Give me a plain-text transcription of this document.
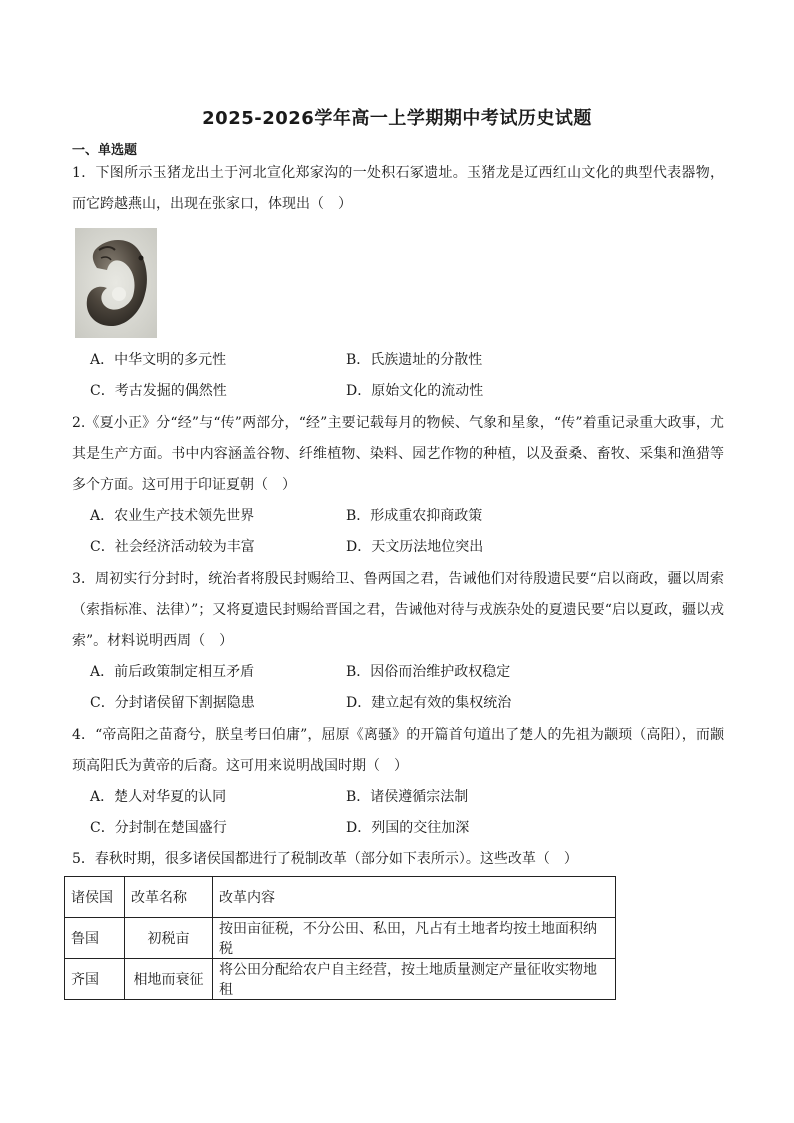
2025-2026学年高一上学期期中考试历史试题
一、单选题
1．下图所示玉猪龙出土于河北宣化郑家沟的一处积石冢遗址。玉猪龙是辽西红山文化的典型代表器物，而它跨越燕山，出现在张家口，体现出（　）
A．中华文明的多元性	B．氏族遗址的分散性
C．考古发掘的偶然性	D．原始文化的流动性
2.《夏小正》分“经”与“传”两部分，“经”主要记载每月的物候、气象和星象，“传”着重记录重大政事，尤其是生产方面。书中内容涵盖谷物、纤维植物、染料、园艺作物的种植，以及蚕桑、畜牧、采集和渔猎等多个方面。这可用于印证夏朝（　）
A．农业生产技术领先世界	B．形成重农抑商政策
C．社会经济活动较为丰富	D．天文历法地位突出
3．周初实行分封时，统治者将殷民封赐给卫、鲁两国之君，告诫他们对待殷遗民要“启以商政，疆以周索（索指标准、法律）”；又将夏遗民封赐给晋国之君，告诫他对待与戎族杂处的夏遗民要“启以夏政，疆以戎索”。材料说明西周（　）
A．前后政策制定相互矛盾	B．因俗而治维护政权稳定
C．分封诸侯留下割据隐患	D．建立起有效的集权统治
4．“帝高阳之苗裔兮，朕皇考曰伯庸”，屈原《离骚》的开篇首句道出了楚人的先祖为颛顼（高阳），而颛顼高阳氏为黄帝的后裔。这可用来说明战国时期（　）
A．楚人对华夏的认同	B．诸侯遵循宗法制
C．分封制在楚国盛行	D．列国的交往加深
5．春秋时期，很多诸侯国都进行了税制改革（部分如下表所示）。这些改革（　）
诸侯国	改革名称	改革内容
鲁国	初税亩	按田亩征税，不分公田、私田，凡占有土地者均按土地面积纳税
齐国	相地而衰征	将公田分配给农户自主经营，按土地质量测定产量征收实物地租
